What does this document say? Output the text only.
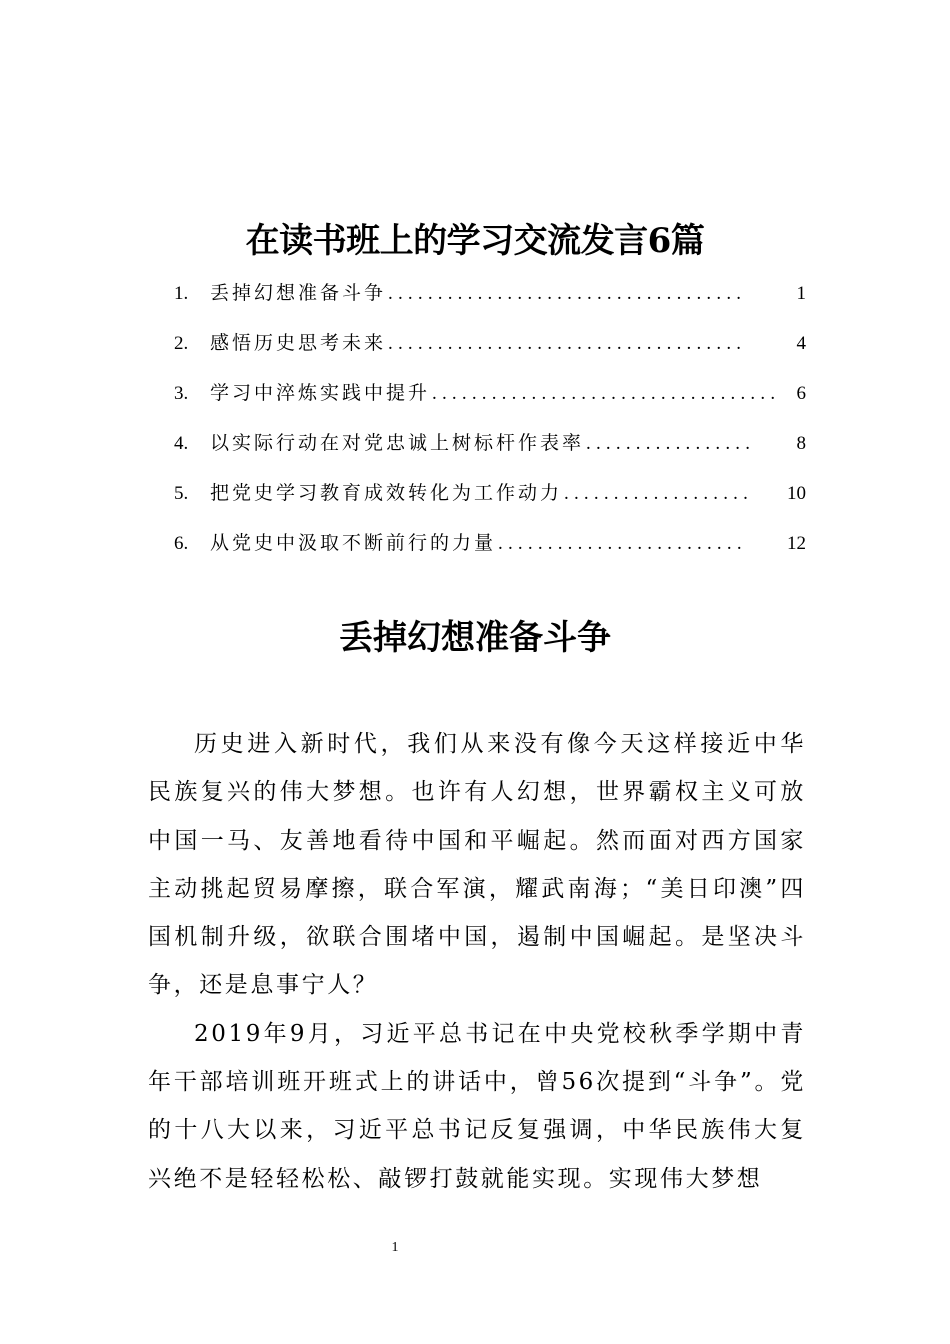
在读书班上的学习交流发言6篇
1.	丢掉幻想准备斗争 ....................................	1
2.	感悟历史思考未来 ....................................	4
3.	学习中淬炼实践中提升 ................................... 6
4.	以实际行动在对党忠诚上树标杆作表率 .................	8
5.	把党史学习教育成效转化为工作动力 ...................	10
6.	从党史中汲取不断前行的力量 .........................	12
丢掉幻想准备斗争

历史进入新时代，我们从来没有像今天这样接近中华民族复兴的伟大梦想。也许有人幻想，世界霸权主义可放中国一马、友善地看待中国和平崛起。然而面对西方国家主动挑起贸易摩擦，联合军演，耀武南海；“美日印澳”四国机制升级，欲联合围堵中国，遏制中国崛起。是坚决斗争，还是息事宁人？

2019年9月，习近平总书记在中央党校秋季学期中青年干部培训班开班式上的讲话中，曾56次提到“斗争”。党的十八大以来，习近平总书记反复强调，中华民族伟大复兴绝不是轻轻松松、敲锣打鼓就能实现。实现伟大梦想

1
